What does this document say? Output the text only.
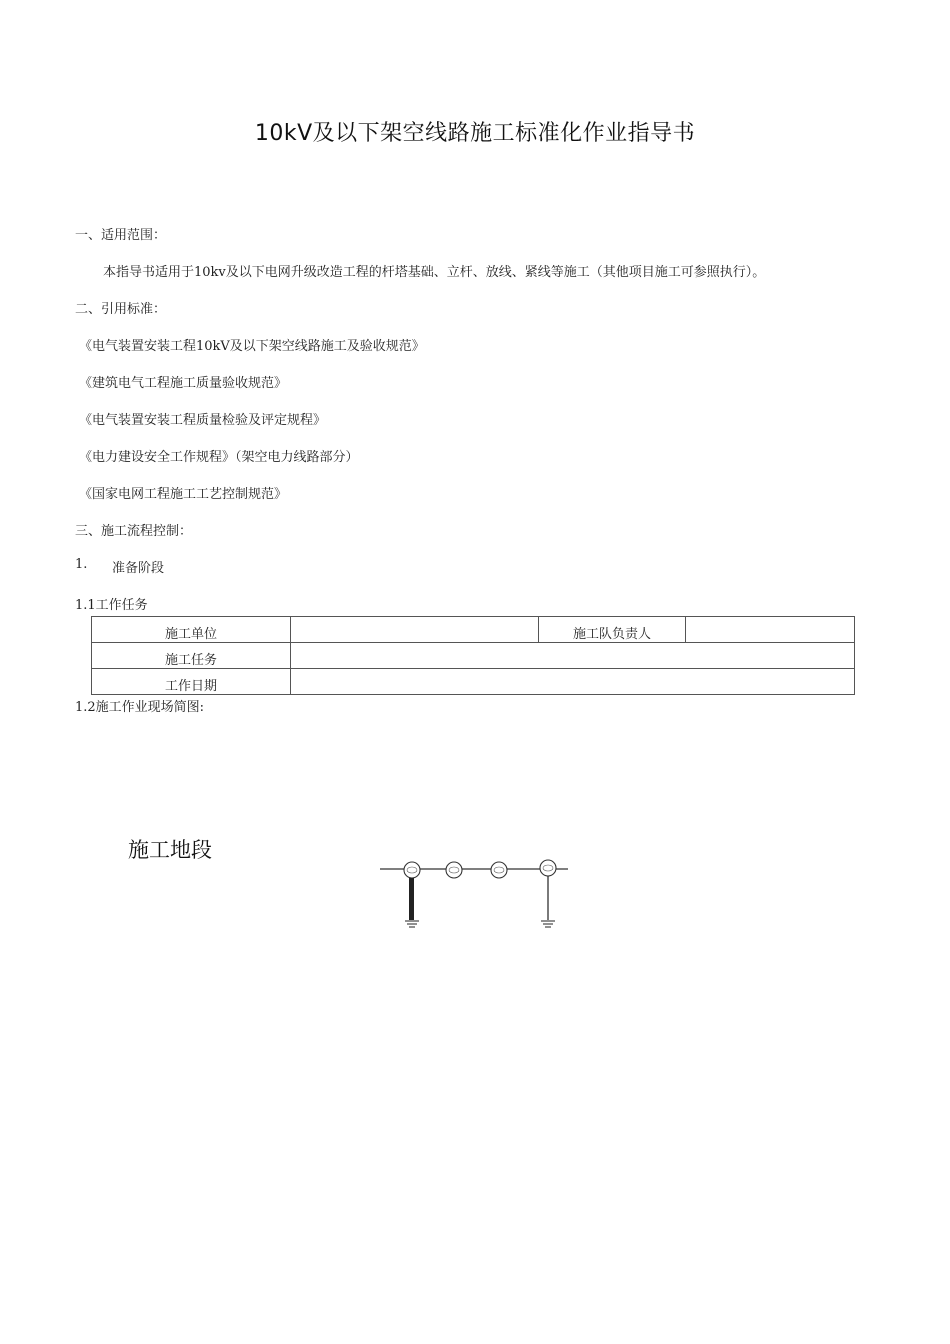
10kV及以下架空线路施工标准化作业指导书
一、适用范围：
本指导书适用于10kv及以下电网升级改造工程的杆塔基础、立杆、放线、紧线等施工（其他项目施工可参照执行）。
二、引用标准：
《电气装置安装工程10kV及以下架空线路施工及验收规范》
《建筑电气工程施工质量验收规范》
《电气装置安装工程质量检验及评定规程》
《电力建设安全工作规程》（架空电力线路部分）
《国家电网工程施工工艺控制规范》
三、施工流程控制：
1. 准备阶段
1.1工作任务
施工单位		施工队负责人	
施工任务			
工作日期			
1.2施工作业现场简图:
施工地段
